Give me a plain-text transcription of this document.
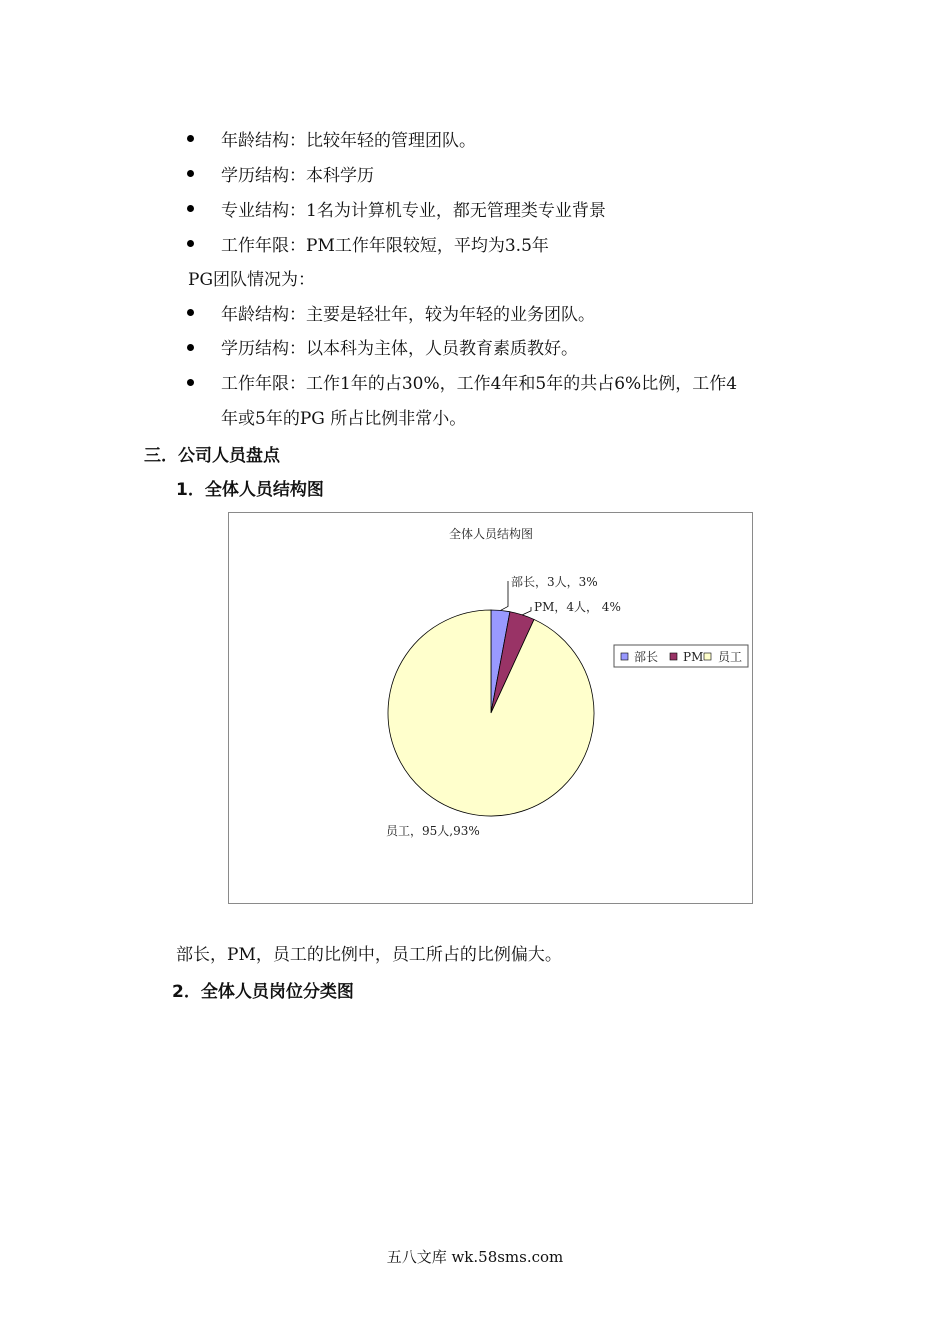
年龄结构：比较年轻的管理团队。
学历结构：本科学历
专业结构：1名为计算机专业，都无管理类专业背景
工作年限：PM工作年限较短，平均为3.5年
PG团队情况为：
年龄结构：主要是轻壮年，较为年轻的业务团队。
学历结构：以本科为主体，人员教育素质教好。
工作年限：工作1年的占30%，工作4年和5年的共占6%比例，工作4
年或5年的PG 所占比例非常小。
三．公司人员盘点
1．全体人员结构图
全体人员结构图
部长，3人，3%
PM，4人， 4%
员工，95人,93%
部长 PM 员工
部长，PM，员工的比例中，员工所占的比例偏大。
2．全体人员岗位分类图
五八文库 wk.58sms.com
